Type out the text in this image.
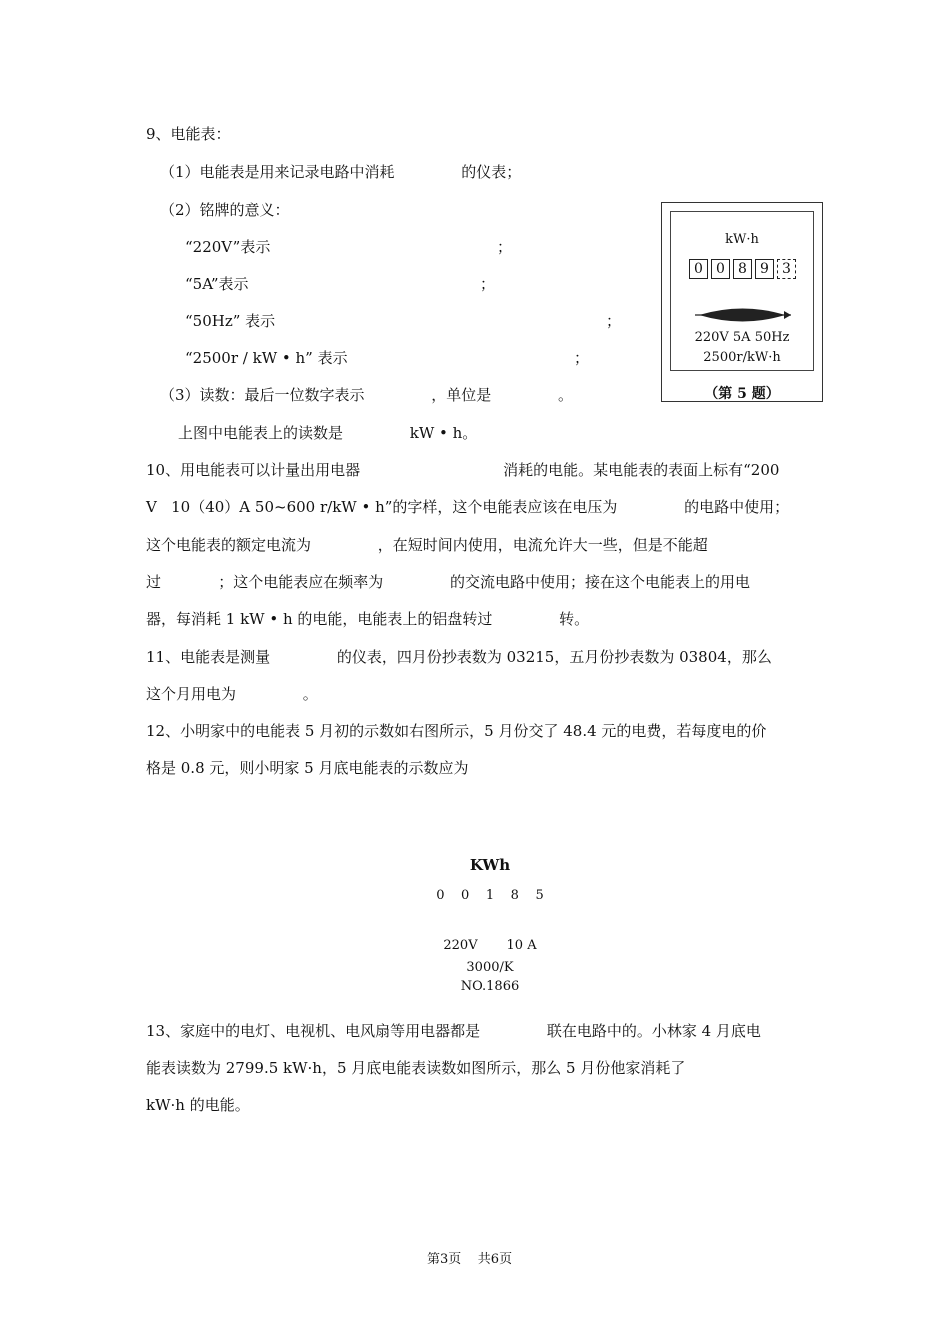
9、电能表：
（1）电能表是用来记录电路中消耗              的仪表；
（2）铭牌的意义：
“220V”表示	；
“5A”表示	；
“50Hz” 表示	；
“2500r / kW • h” 表示	；
（3）读数：最后一位数字表示              ，单位是              。
上图中电能表上的读数是              kW • h。
kW·h
0 0 8 9 3
220V 5A 50Hz
2500r/kW·h
（第 5 题）
10、用电能表可以计量出用电器                              消耗的电能。某电能表的表面上标有“200
V   10（40）A 50~600 r/kW • h”的字样，这个电能表应该在电压为              的电路中使用；
这个电能表的额定电流为              ，在短时间内使用，电流允许大一些，但是不能超
过            ；这个电能表应在频率为              的交流电路中使用；接在这个电能表上的用电
器，每消耗 1 kW • h 的电能，电能表上的铝盘转过              转。
11、电能表是测量              的仪表，四月份抄表数为 03215，五月份抄表数为 03804，那么
这个月用电为              。
12、小明家中的电能表 5 月初的示数如右图所示，5 月份交了 48.4 元的电费，若每度电的价
格是 0.8 元，则小明家 5 月底电能表的示数应为
KWh
0    0    1    8    5
220V       10 A
3000/K
NO.1866
13、家庭中的电灯、电视机、电风扇等用电器都是              联在电路中的。小林家 4 月底电
能表读数为 2799.5 kW·h，5 月底电能表读数如图所示，那么 5 月份他家消耗了
kW·h 的电能。
第3页    共6页
